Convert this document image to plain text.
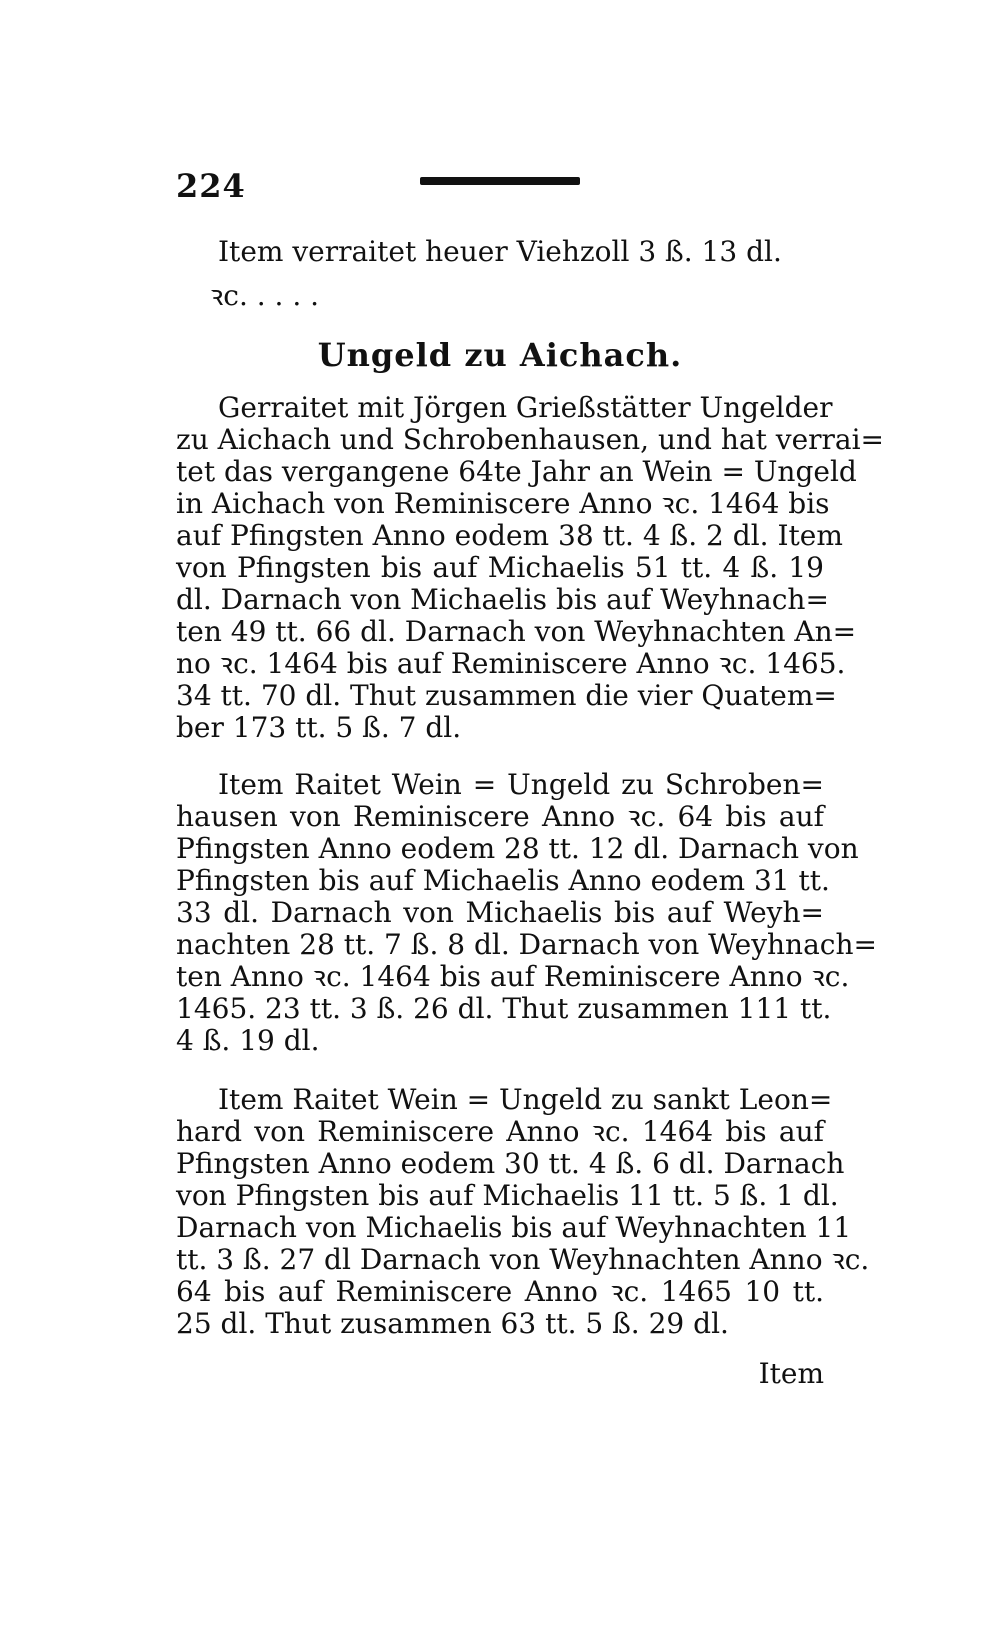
224
Item verraitet heuer Viehzoll 3 ß. 13 dl.
ꝛc. . . . .
Ungeld zu Aichach.
Gerraitet mit Jörgen Grießstätter Ungelder
zu Aichach und Schrobenhausen, und hat verrai=
tet das vergangene 64te Jahr an Wein = Ungeld
in Aichach von Reminiscere Anno ꝛc. 1464 bis
auf Pfingsten Anno eodem 38 tt. 4 ß. 2 dl. Item
von Pfingsten bis auf Michaelis 51 tt. 4 ß. 19
dl. Darnach von Michaelis bis auf Weyhnach=
ten 49 tt. 66 dl. Darnach von Weyhnachten An=
no ꝛc. 1464 bis auf Reminiscere Anno ꝛc. 1465.
34 tt. 70 dl. Thut zusammen die vier Quatem=
ber 173 tt. 5 ß. 7 dl.
Item Raitet Wein = Ungeld zu Schroben=
hausen von Reminiscere Anno ꝛc. 64 bis auf
Pfingsten Anno eodem 28 tt. 12 dl. Darnach von
Pfingsten bis auf Michaelis Anno eodem 31 tt.
33 dl. Darnach von Michaelis bis auf Weyh=
nachten 28 tt. 7 ß. 8 dl. Darnach von Weyhnach=
ten Anno ꝛc. 1464 bis auf Reminiscere Anno ꝛc.
1465. 23 tt. 3 ß. 26 dl. Thut zusammen 111 tt.
4 ß. 19 dl.
Item Raitet Wein = Ungeld zu sankt Leon=
hard von Reminiscere Anno ꝛc. 1464 bis auf
Pfingsten Anno eodem 30 tt. 4 ß. 6 dl. Darnach
von Pfingsten bis auf Michaelis 11 tt. 5 ß. 1 dl.
Darnach von Michaelis bis auf Weyhnachten 11
tt. 3 ß. 27 dl Darnach von Weyhnachten Anno ꝛc.
64 bis auf Reminiscere Anno ꝛc. 1465 10 tt.
25 dl. Thut zusammen 63 tt. 5 ß. 29 dl.
Item
